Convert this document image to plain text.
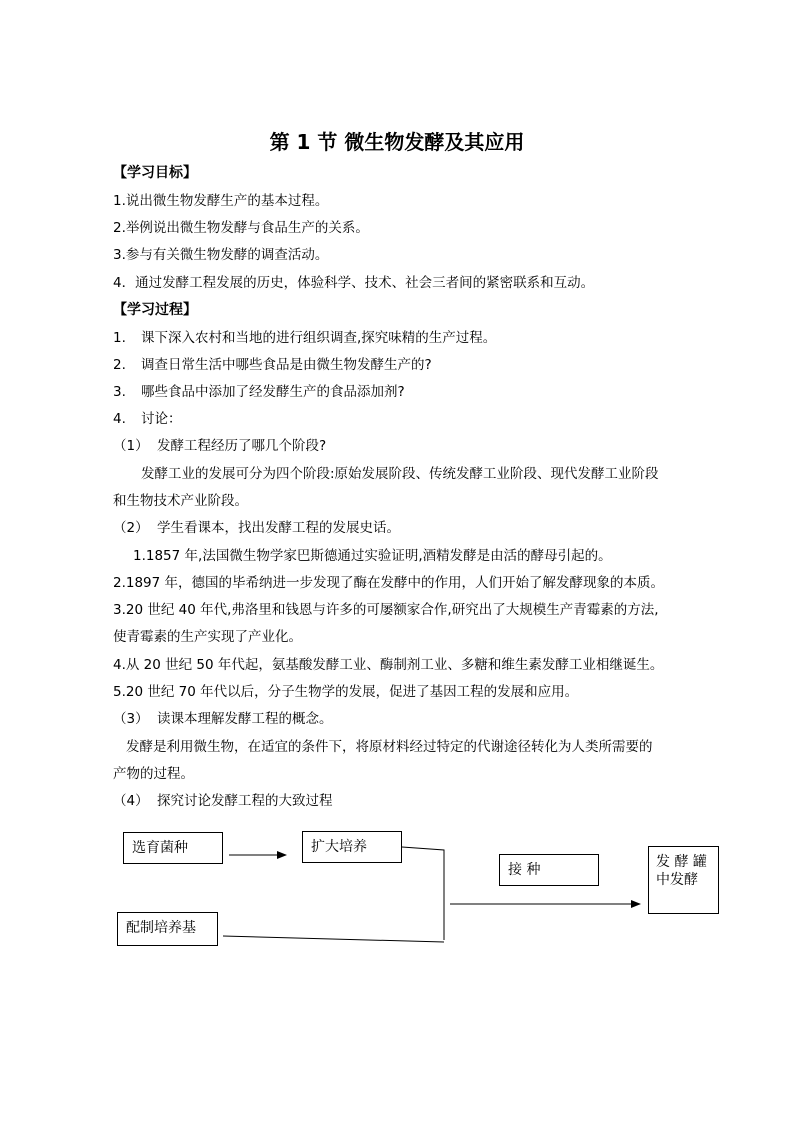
第 1 节 微生物发酵及其应用
【学习目标】
1.说出微生物发酵生产的基本过程。
2.举例说出微生物发酵与食品生产的关系。
3.参与有关微生物发酵的调查活动。
4．通过发酵工程发展的历史，体验科学、技术、社会三者间的紧密联系和互动。
【学习过程】
1. 课下深入农村和当地的进行组织调查,探究味精的生产过程。
2. 调查日常生活中哪些食品是由微生物发酵生产的?
3. 哪些食品中添加了经发酵生产的食品添加剂?
4. 讨论：
（1） 发酵工程经历了哪几个阶段?
发酵工业的发展可分为四个阶段:原始发展阶段、传统发酵工业阶段、现代发酵工业阶段
和生物技术产业阶段。
（2） 学生看课本，找出发酵工程的发展史话。
1.1857 年,法国微生物学家巴斯德通过实验证明,酒精发酵是由活的酵母引起的。
2.1897 年，德国的毕希纳进一步发现了酶在发酵中的作用，人们开始了解发酵现象的本质。
3.20 世纪 40 年代,弗洛里和钱恩与许多的可屡额家合作,研究出了大规模生产青霉素的方法,
使青霉素的生产实现了产业化。
4.从 20 世纪 50 年代起，氨基酸发酵工业、酶制剂工业、多糖和维生素发酵工业相继诞生。
5.20 世纪 70 年代以后，分子生物学的发展，促进了基因工程的发展和应用。
（3） 读课本理解发酵工程的概念。
发酵是利用微生物，在适宜的条件下，将原材料经过特定的代谢途径转化为人类所需要的
产物的过程。
（4） 探究讨论发酵工程的大致过程
选育菌种	扩大培养
接 种	发 酵 罐
中发酵
配制培养基
